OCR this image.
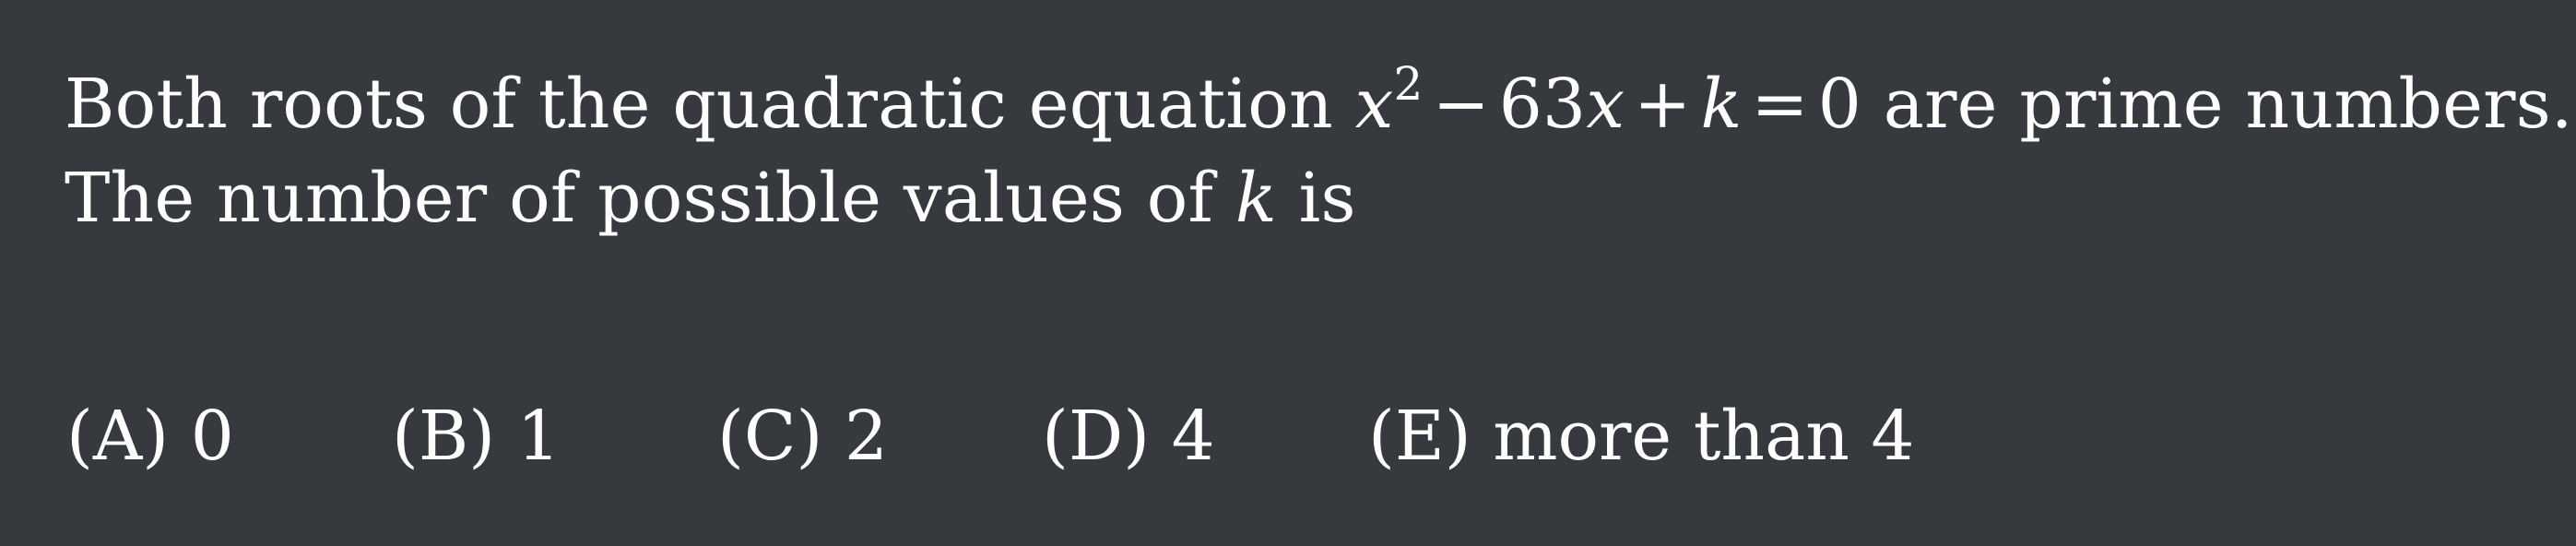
Both roots of the quadratic equation $x^2 - 63x + k = 0$ are prime numbers.
The number of possible values of k is
(A) 0 (B) 1 (C) 2 (D) 4 (E) more than 4
